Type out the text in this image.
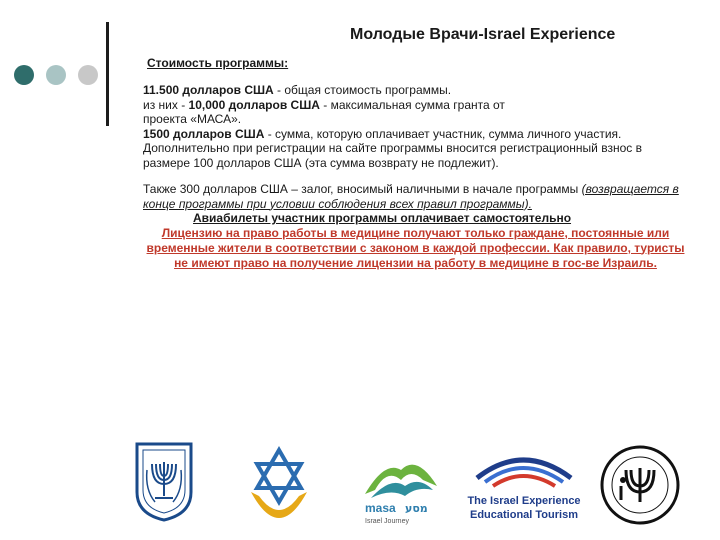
Молодые Врачи-Israel Experience
Стоимость программы:

11.500 долларов США - общая стоимость программы.

из них - 10,000 долларов США - максимальная сумма гранта от

проекта «МАСА».

1500 долларов США - сумма, которую оплачивает участник, сумма личного участия.

Дополнительно при регистрации на сайте программы вносится регистрационный взнос в размере 100 долларов США (эта сумма возврату не подлежит).

Также 300 долларов США – залог, вносимый наличными в начале программы (возвращается в конце программы при условии соблюдения всех правил программы).

Авиабилеты участник программы оплачивает самостоятельно

Лицензию на право работы в медицине получают только граждане, постоянные или временные жители в соответствии с законом в каждой профессии. Как правило, туристы не имеют право на получение лицензии на работу в медицине в гос-ве Израиль.

masa מסע
Israel Journey
The Israel Experience
Educational Tourism
